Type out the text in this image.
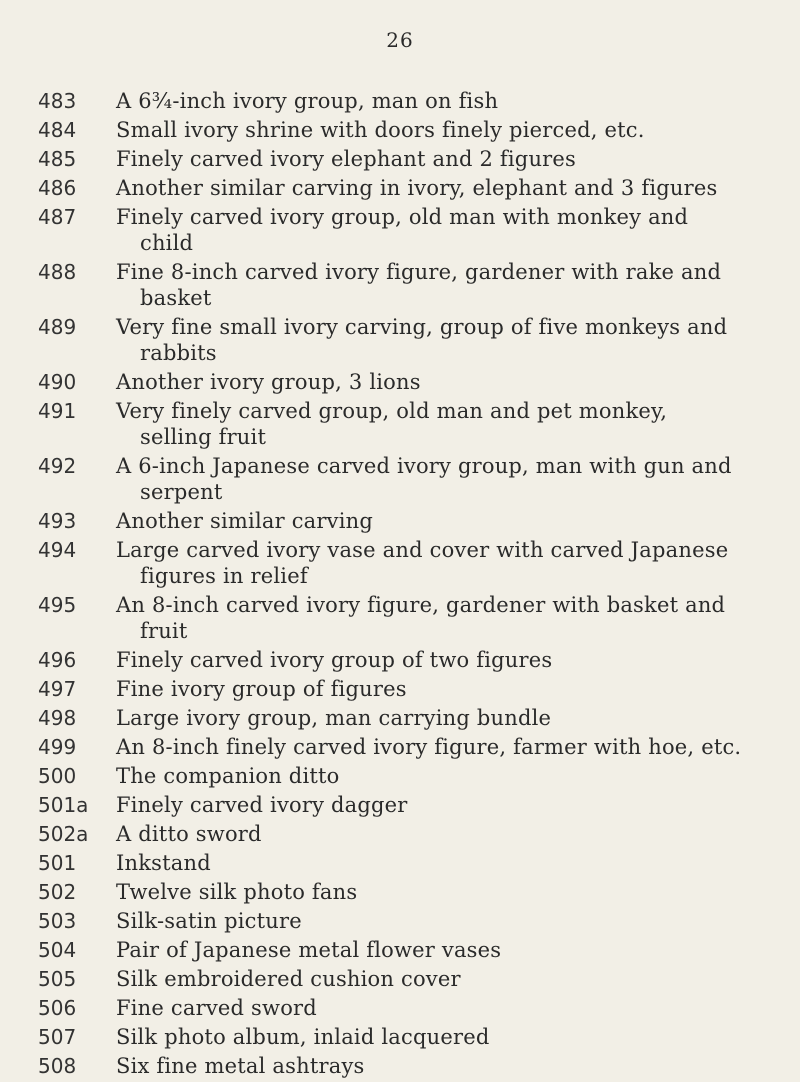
26
483	A 6¾-inch ivory group, man on fish
484	Small ivory shrine with doors finely pierced, etc.
485	Finely carved ivory elephant and 2 figures
486	Another similar carving in ivory, elephant and 3 figures
487	Finely carved ivory group, old man with monkey and
child
488	Fine 8-inch carved ivory figure, gardener with rake and
basket
489	Very fine small ivory carving, group of five monkeys and
rabbits
490	Another ivory group, 3 lions
491	Very finely carved group, old man and pet monkey,
selling fruit
492	A 6-inch Japanese carved ivory group, man with gun and
serpent
493	Another similar carving
494	Large carved ivory vase and cover with carved Japanese
figures in relief
495	An 8-inch carved ivory figure, gardener with basket and
fruit
496	Finely carved ivory group of two figures
497	Fine ivory group of figures
498	Large ivory group, man carrying bundle
499	An 8-inch finely carved ivory figure, farmer with hoe, etc.
500	The companion ditto
501a	Finely carved ivory dagger
502a	A ditto sword
501	Inkstand
502	Twelve silk photo fans
503	Silk-satin picture
504	Pair of Japanese metal flower vases
505	Silk embroidered cushion cover
506	Fine carved sword
507	Silk photo album, inlaid lacquered
508	Six fine metal ashtrays
